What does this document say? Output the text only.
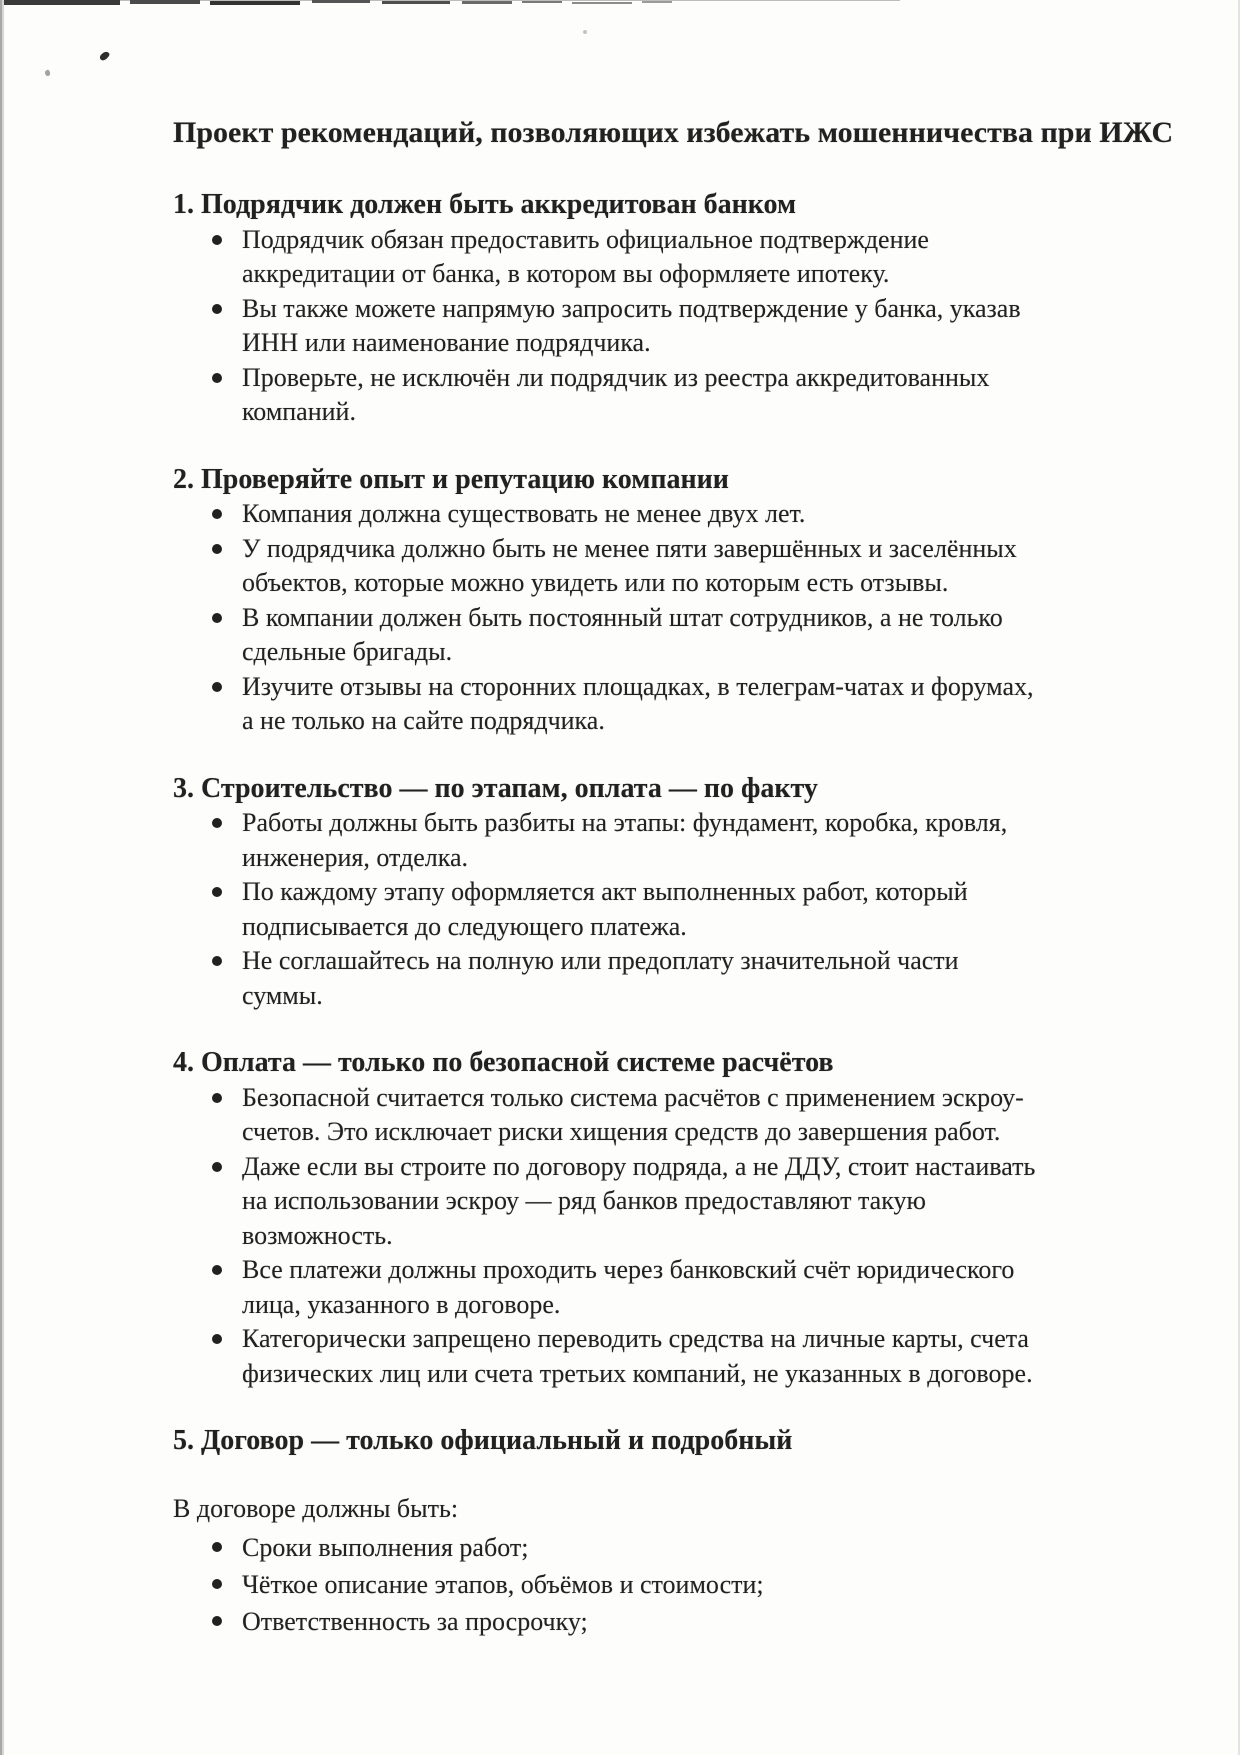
Проект рекомендаций, позволяющих избежать мошенничества при ИЖС
1. Подрядчик должен быть аккредитован банком
Подрядчик обязан предоставить официальное подтверждение
аккредитации от банка, в котором вы оформляете ипотеку.
Вы также можете напрямую запросить подтверждение у банка, указав
ИНН или наименование подрядчика.
Проверьте, не исключён ли подрядчик из реестра аккредитованных
компаний.
2. Проверяйте опыт и репутацию компании
Компания должна существовать не менее двух лет.
У подрядчика должно быть не менее пяти завершённых и заселённых
объектов, которые можно увидеть или по которым есть отзывы.
В компании должен быть постоянный штат сотрудников, а не только
сдельные бригады.
Изучите отзывы на сторонних площадках, в телеграм-чатах и форумах,
а не только на сайте подрядчика.
3. Строительство — по этапам, оплата — по факту
Работы должны быть разбиты на этапы: фундамент, коробка, кровля,
инженерия, отделка.
По каждому этапу оформляется акт выполненных работ, который
подписывается до следующего платежа.
Не соглашайтесь на полную или предоплату значительной части
суммы.
4. Оплата — только по безопасной системе расчётов
Безопасной считается только система расчётов с применением эскроу-
счетов. Это исключает риски хищения средств до завершения работ.
Даже если вы строите по договору подряда, а не ДДУ, стоит настаивать
на использовании эскроу — ряд банков предоставляют такую
возможность.
Все платежи должны проходить через банковский счёт юридического
лица, указанного в договоре.
Категорически запрещено переводить средства на личные карты, счета
физических лиц или счета третьих компаний, не указанных в договоре.
5. Договор — только официальный и подробный
В договоре должны быть:
Сроки выполнения работ;
Чёткое описание этапов, объёмов и стоимости;
Ответственность за просрочку;
